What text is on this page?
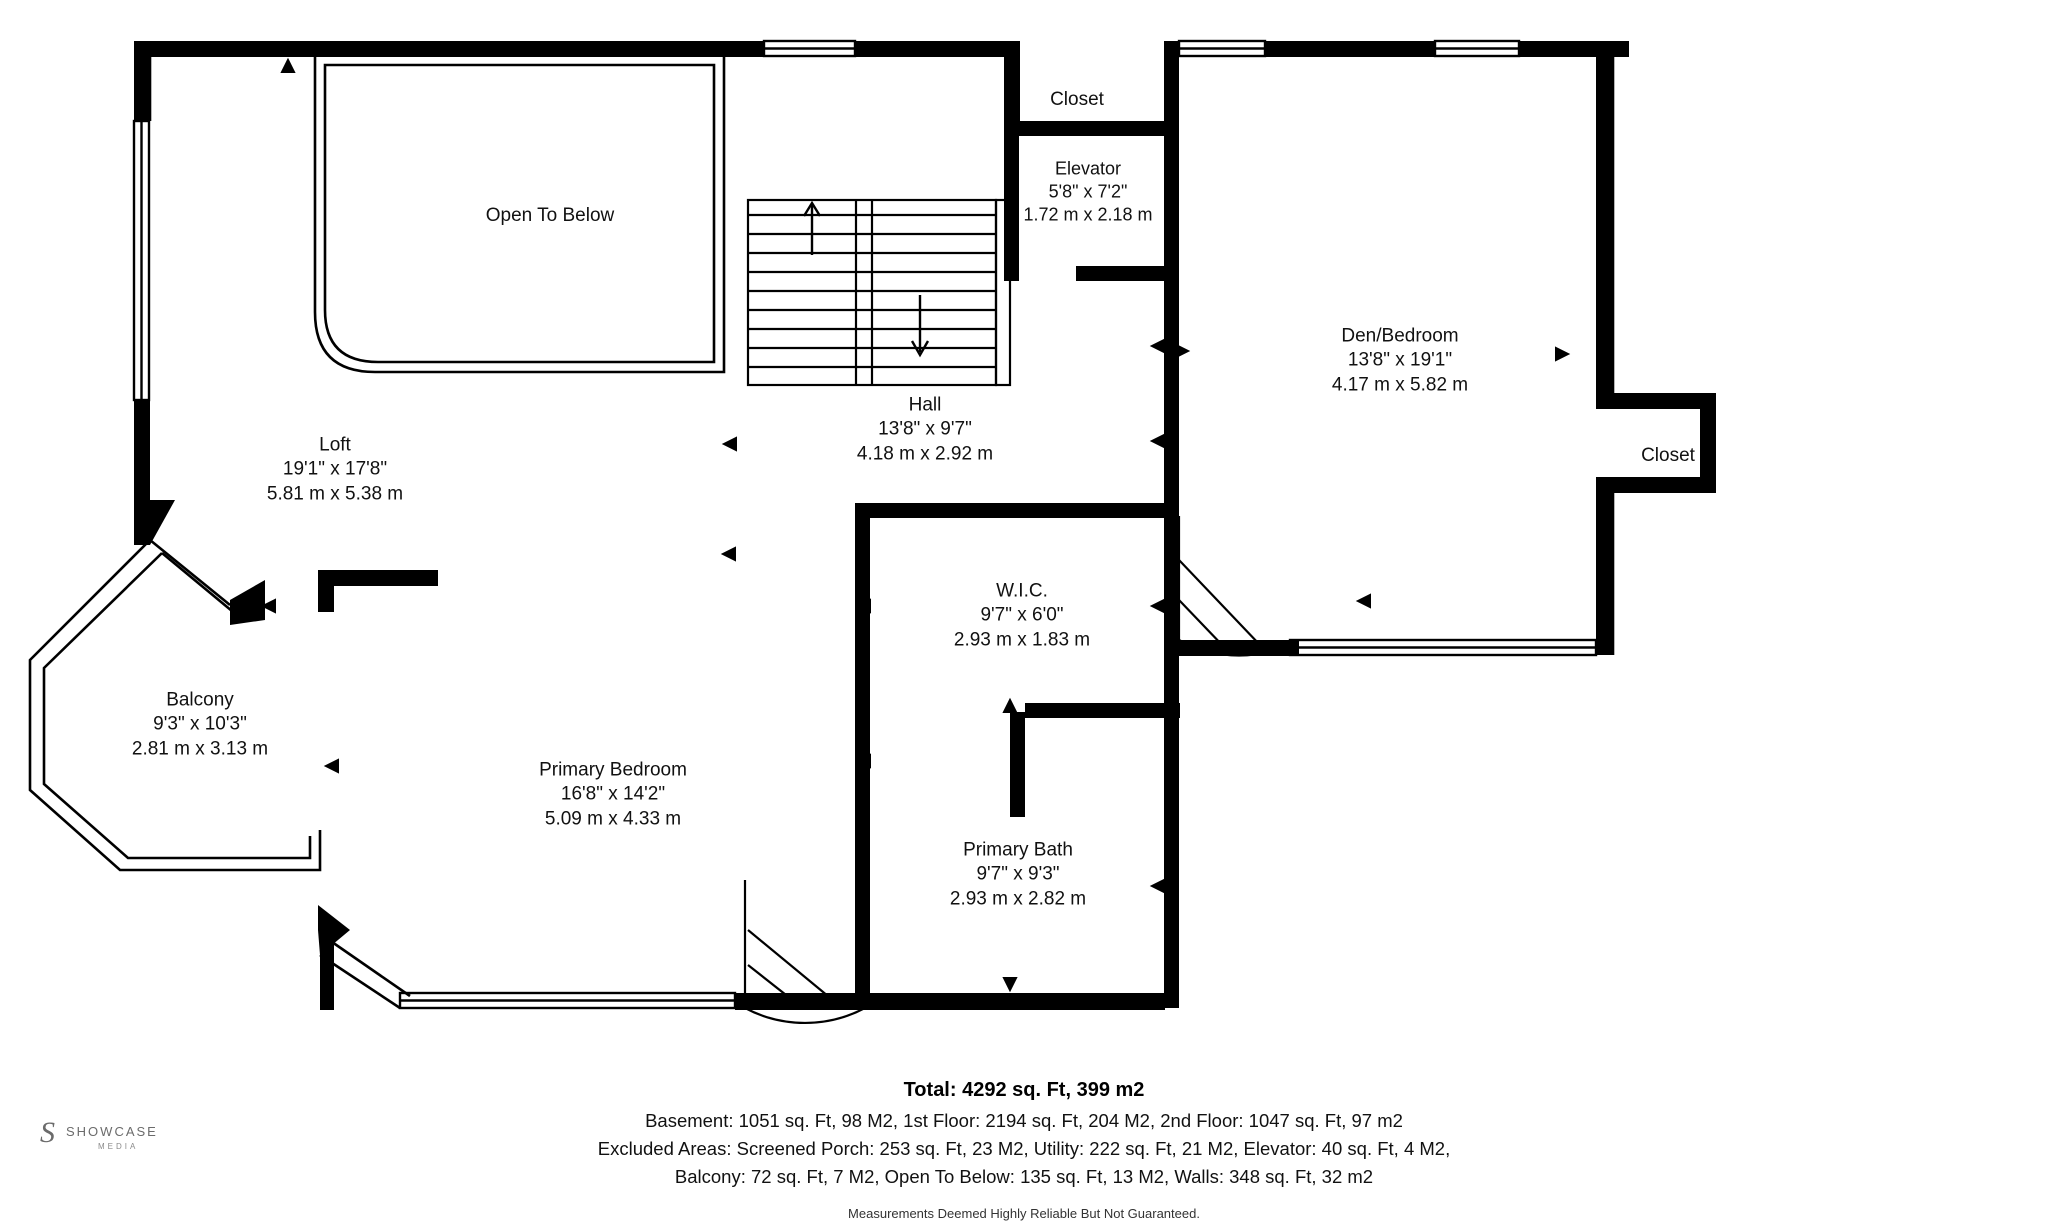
Open To Below
Closet
Elevator
5'8" x 7'2"
1.72 m x 2.18 m
Den/Bedroom
13'8" x 19'1"
4.17 m x 5.82 m
Closet
Loft
19'1" x 17'8"
5.81 m x 5.38 m
Hall
13'8" x 9'7"
4.18 m x 2.92 m
W.I.C.
9'7" x 6'0"
2.93 m x 1.83 m
Balcony
9'3" x 10'3"
2.81 m x 3.13 m
Primary Bedroom
16'8" x 14'2"
5.09 m x 4.33 m
Primary Bath
9'7" x 9'3"
2.93 m x 2.82 m
Total: 4292 sq. Ft, 399 m2
Basement: 1051 sq. Ft, 98 M2, 1st Floor: 2194 sq. Ft, 204 M2, 2nd Floor: 1047 sq. Ft, 97 m2
Excluded Areas: Screened Porch: 253 sq. Ft, 23 M2, Utility: 222 sq. Ft, 21 M2, Elevator: 40 sq. Ft, 4 M2,
Balcony: 72 sq. Ft, 7 M2, Open To Below: 135 sq. Ft, 13 M2, Walls: 348 sq. Ft, 32 m2
Measurements Deemed Highly Reliable But Not Guaranteed.
S SHOWCASE
MEDIA
